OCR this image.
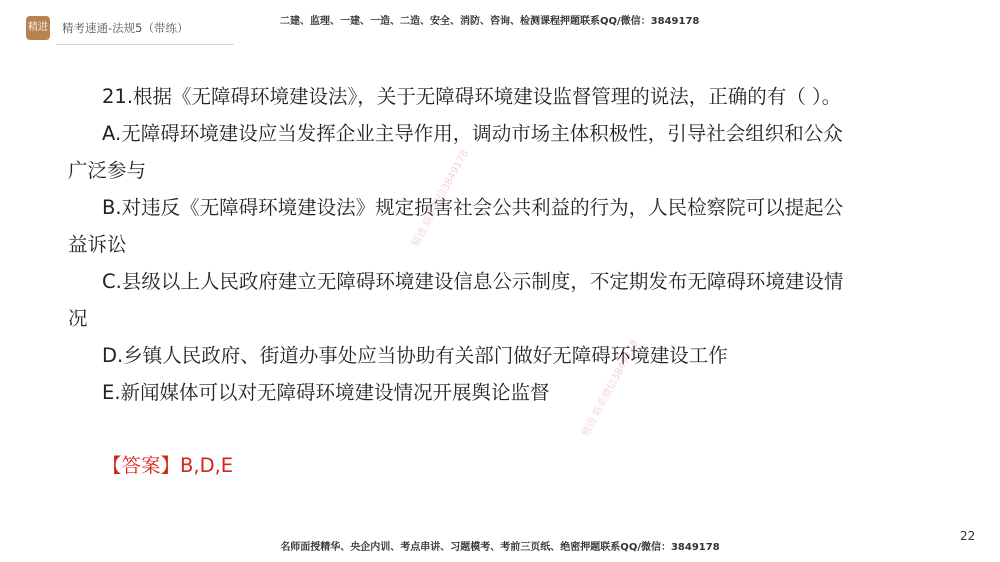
精进 精考速通-法规5（带练）	二建、监理、一建、一造、二造、安全、消防、咨询、检测课程押题联系QQ/微信：3849178
21.根据《无障碍环境建设法》，关于无障碍环境建设监督管理的说法，正确的有（ ）。
A.无障碍环境建设应当发挥企业主导作用，调动市场主体积极性，引导社会组织和公众
广泛参与
B.对违反《无障碍环境建设法》规定损害社会公共利益的行为，人民检察院可以提起公
益诉讼
C.县级以上人民政府建立无障碍环境建设信息公示制度，不定期发布无障碍环境建设情
况
D.乡镇人民政府、街道办事处应当协助有关部门做好无障碍环境建设工作
E.新闻媒体可以对无障碍环境建设情况开展舆论监督
【答案】B,D,E
精进 联系微信3849178
精进 联系微信3849178
名师面授精华、央企内训、考点串讲、习题模考、考前三页纸、绝密押题联系QQ/微信：3849178
22
